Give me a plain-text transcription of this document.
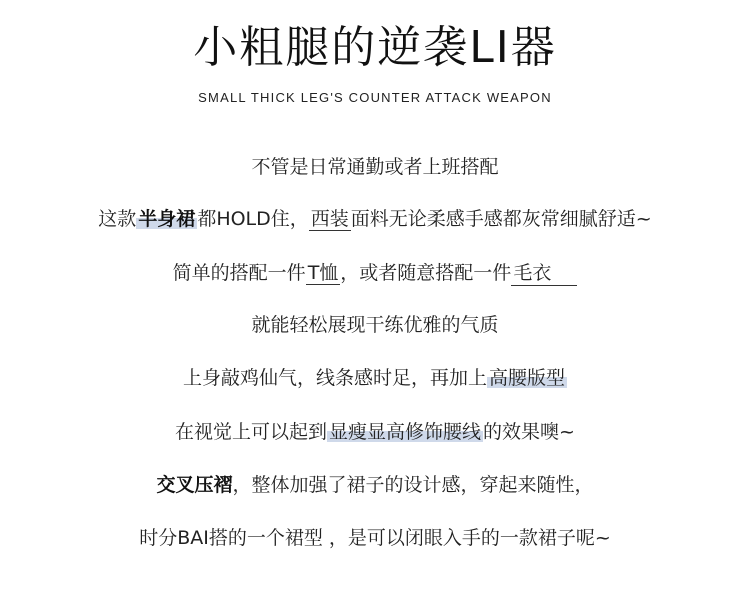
小粗腿的逆袭LI器
SMALL THICK LEG'S COUNTER ATTACK WEAPON
不管是日常通勤或者上班搭配
这款 半身裙 都HOLD住， 西装 面料无论柔感手感都灰常细腻舒适~
简单的搭配一件 T恤 ，或者随意搭配一件 毛衣
就能轻松展现干练优雅的气质
上身敲鸡仙气，线条感时足，再加上 高腰版型
在视觉上可以起到 显瘦显高修饰腰线 的效果噢~
交叉压褶，整体加强了裙子的设计感，穿起来随性，
时分BAI搭的一个裙型 ，是可以闭眼入手的一款裙子呢~
